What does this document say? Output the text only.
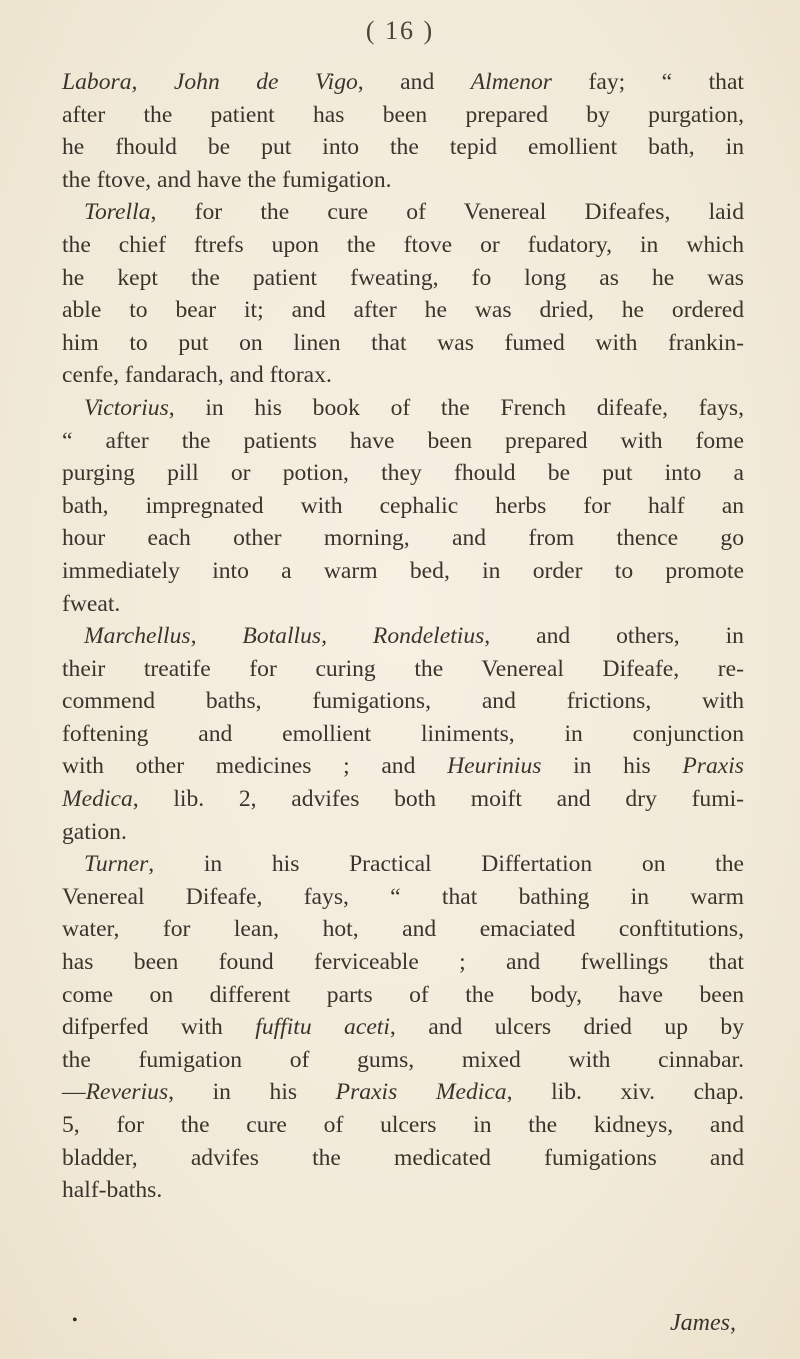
( 16 )
Labora, John de Vigo, and Almenor fay; “ that
after the patient has been prepared by purgation,
he fhould be put into the tepid emollient bath, in
the ftove, and have the fumigation.
Torella, for the cure of Venereal Difeafes, laid
the chief ftrefs upon the ftove or fudatory, in which
he kept the patient fweating, fo long as he was
able to bear it; and after he was dried, he ordered
him to put on linen that was fumed with frankin-
cenfe, fandarach, and ftorax.
Victorius, in his book of the French difeafe, fays,
“ after the patients have been prepared with fome
purging pill or potion, they fhould be put into a
bath, impregnated with cephalic herbs for half an
hour each other morning, and from thence go
immediately into a warm bed, in order to promote
fweat.
Marchellus, Botallus, Rondeletius, and others, in
their treatife for curing the Venereal Difeafe, re-
commend baths, fumigations, and frictions, with
foftening and emollient liniments, in conjunction
with other medicines ; and Heurinius in his Praxis
Medica, lib. 2, advifes both moift and dry fumi-
gation.
Turner, in his Practical Differtation on the
Venereal Difeafe, fays, “ that bathing in warm
water, for lean, hot, and emaciated conftitutions,
has been found ferviceable ; and fwellings that
come on different parts of the body, have been
difperfed with fuffitu aceti, and ulcers dried up by
the fumigation of gums, mixed with cinnabar.
—Reverius, in his Praxis Medica, lib. xiv. chap.
5, for the cure of ulcers in the kidneys, and
bladder, advifes the medicated fumigations and
half-baths.
•	James,
